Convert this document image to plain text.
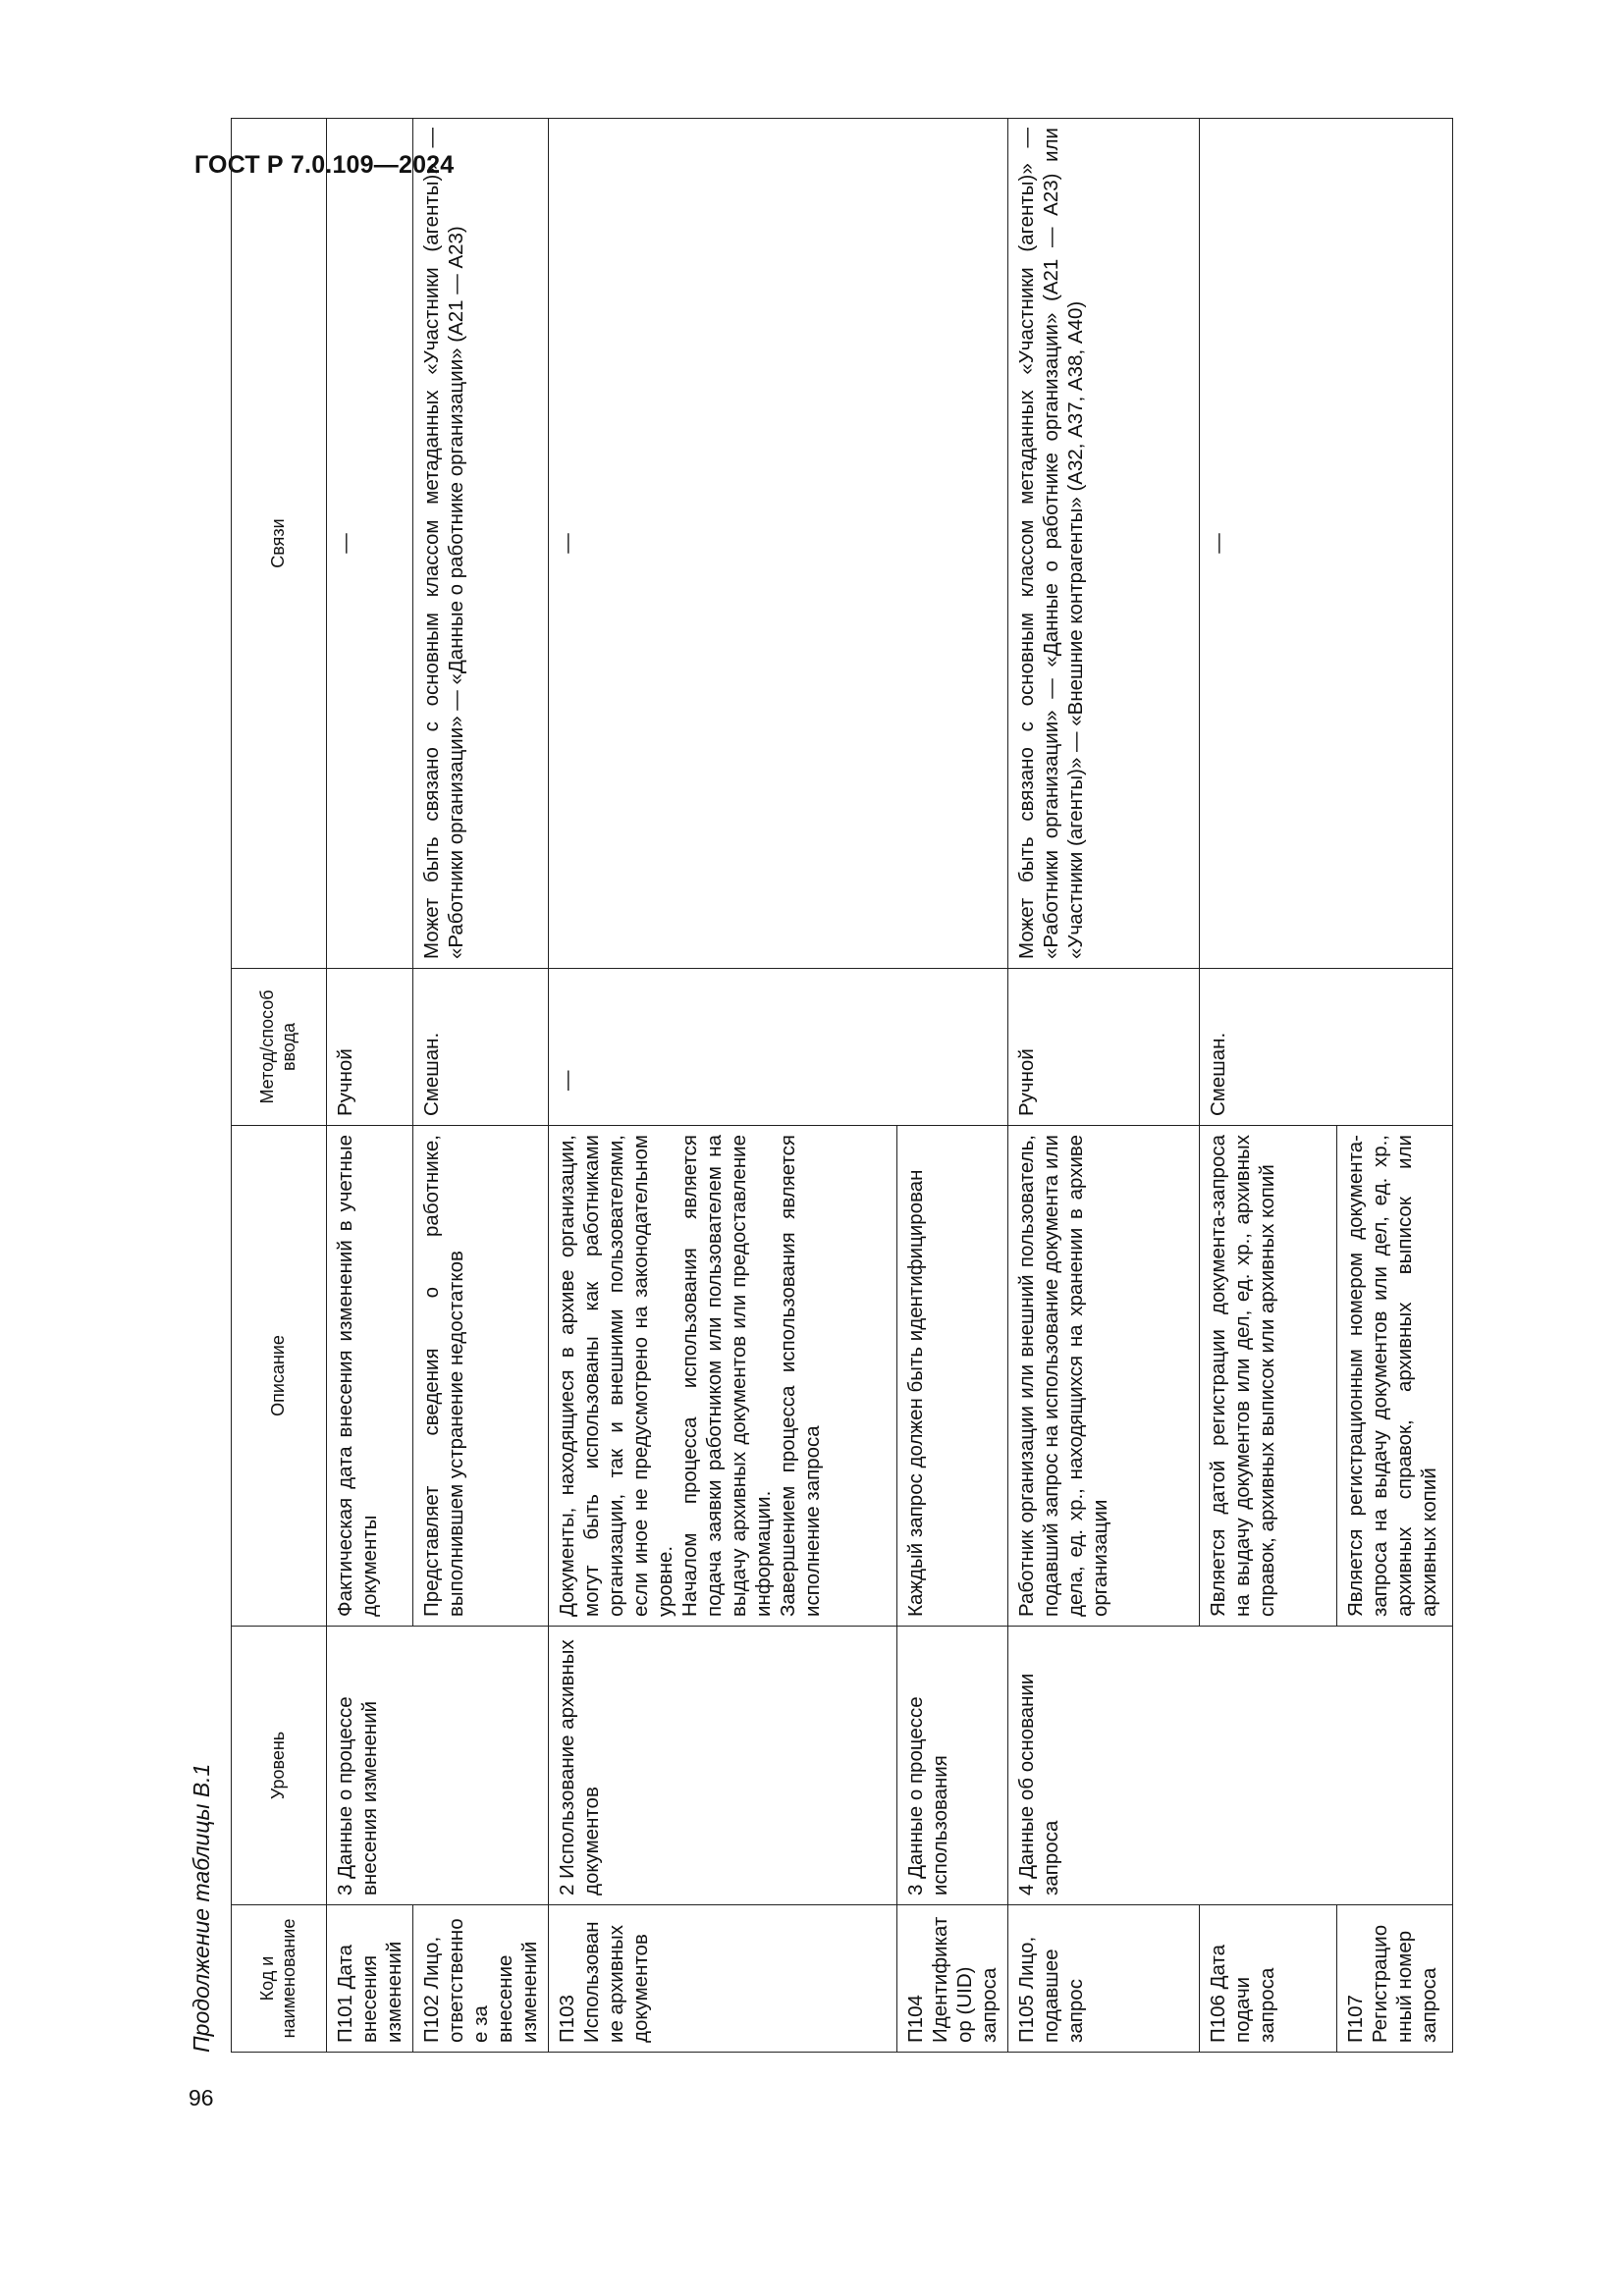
ГОСТ Р 7.0.109—2024
96
Продолжение таблицы В.1	Код и наименование	Уровень	Описание	Метод/способ ввода	Связи
П101 Дата внесения изменений	3 Данные о процессе внесения изменений	Фактическая дата внесения изменений в учетные документы	Ручной	—

П102 Лицо, ответственное за внесение изменений		Представляет сведения о работнике, выполнившем устранение недостатков	Смешан.	Может быть связано с основным классом метаданных «Участники (агенты)» — «Работники организации» — «Данные о работнике организации» (А21 — А23)
П103 Использование архивных документов	2 Использование архивных документов	Документы, находящиеся в архиве организации, могут быть использованы как работниками организации, так и внешними пользователями, если иное не предусмотрено на законодательном уровне.
Началом процесса использования является подача заявки работником или пользователем на выдачу архивных документов или предоставление информации.
Завершением процесса использования является исполнение запроса	—	—

П104 Идентификатор (UID) запроса	3 Данные о процессе использования	Каждый запрос должен быть идентифицирован		
П105 Лицо, подавшее запрос	4 Данные об основании запроса	Работник организации или внешний пользователь, подавший запрос на использование документа или дела, ед. хр., находящихся на хранении в архиве организации	Ручной	Может быть связано с основным классом метаданных «Участники (агенты)» — «Работники организации» — «Данные о работнике организации» (А21 — А23) или «Участники (агенты)» — «Внешние контрагенты» (А32, А37, А38, А40)
П106 Дата подачи запроса		Является датой регистрации документа-запроса на выдачу документов или дел, ед. хр., архивных справок, архивных выписок или архивных копий	Смешан.	—

П107 Регистрационный номер запроса		Является регистрационным номером документа-запроса на выдачу документов или дел, ед. хр., архивных справок, архивных выписок или архивных копий		
